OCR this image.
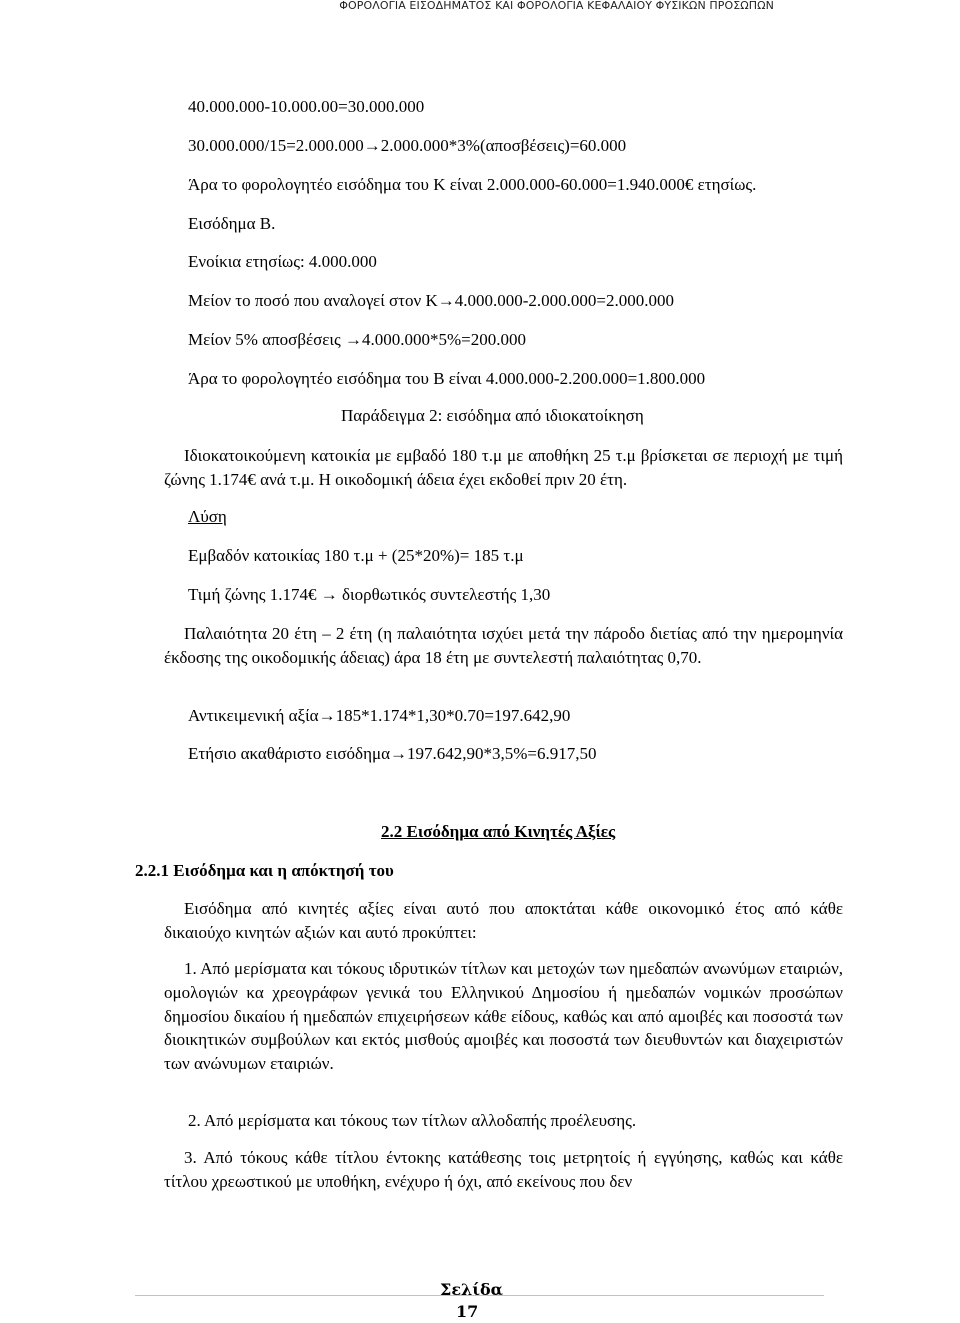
ΦΟΡΟΛΟΓΙΑ ΕΙΣΟΔΗΜΑΤΟΣ ΚΑΙ ΦΟΡΟΛΟΓΙΑ ΚΕΦΑΛΑΙΟΥ ΦΥΣΙΚΩΝ ΠΡΟΣΩΠΩΝ
40.000.000-10.000.00=30.000.000
30.000.000/15=2.000.000→2.000.000*3%(αποσβέσεις)=60.000
Άρα το φορολογητέο εισόδημα του Κ είναι 2.000.000-60.000=1.940.000€ ετησίως.
Εισόδημα Β.
Ενοίκια ετησίως: 4.000.000
Μείον το ποσό που αναλογεί στον Κ→4.000.000-2.000.000=2.000.000
Μείον 5% αποσβέσεις →4.000.000*5%=200.000
Άρα το φορολογητέο εισόδημα του Β είναι 4.000.000-2.200.000=1.800.000
Παράδειγμα 2: εισόδημα από ιδιοκατοίκηση
Ιδιοκατοικούμενη κατοικία με εμβαδό 180 τ.μ με αποθήκη 25 τ.μ βρίσκεται σε περιοχή με τιμή ζώνης 1.174€ ανά τ.μ. Η οικοδομική άδεια έχει εκδοθεί πριν 20 έτη.
Λύση
Εμβαδόν κατοικίας 180 τ.μ + (25*20%)= 185 τ.μ
Τιμή ζώνης 1.174€ → διορθωτικός συντελεστής 1,30
Παλαιότητα 20 έτη – 2 έτη (η παλαιότητα ισχύει μετά την πάροδο διετίας από την ημερομηνία έκδοσης της οικοδομικής άδειας) άρα 18 έτη με συντελεστή παλαιότητας 0,70.
Αντικειμενική αξία→185*1.174*1,30*0.70=197.642,90
Ετήσιο ακαθάριστο εισόδημα→197.642,90*3,5%=6.917,50
2.2 Εισόδημα από Κινητές Αξίες
2.2.1 Εισόδημα και η απόκτησή του
Εισόδημα από κινητές αξίες είναι αυτό που αποκτάται κάθε οικονομικό έτος από κάθε δικαιούχο κινητών αξιών και αυτό προκύπτει:
1. Από μερίσματα και τόκους ιδρυτικών τίτλων και μετοχών των ημεδαπών ανωνύμων εταιριών, ομολογιών κα χρεογράφων γενικά του Ελληνικού Δημοσίου ή ημεδαπών νομικών προσώπων δημοσίου δικαίου ή ημεδαπών επιχειρήσεων κάθε είδους, καθώς και από αμοιβές και ποσοστά των διοικητικών συμβούλων και εκτός μισθούς αμοιβές και ποσοστά των διευθυντών και διαχειριστών των ανώνυμων εταιριών.
2. Από μερίσματα και τόκους των τίτλων αλλοδαπής προέλευσης.
3. Από τόκους κάθε τίτλου έντοκης κατάθεσης τοις μετρητοίς ή εγγύησης, καθώς και κάθε τίτλου χρεωστικού με υποθήκη, ενέχυρο ή όχι, από εκείνους που δεν
Σελίδα
17
